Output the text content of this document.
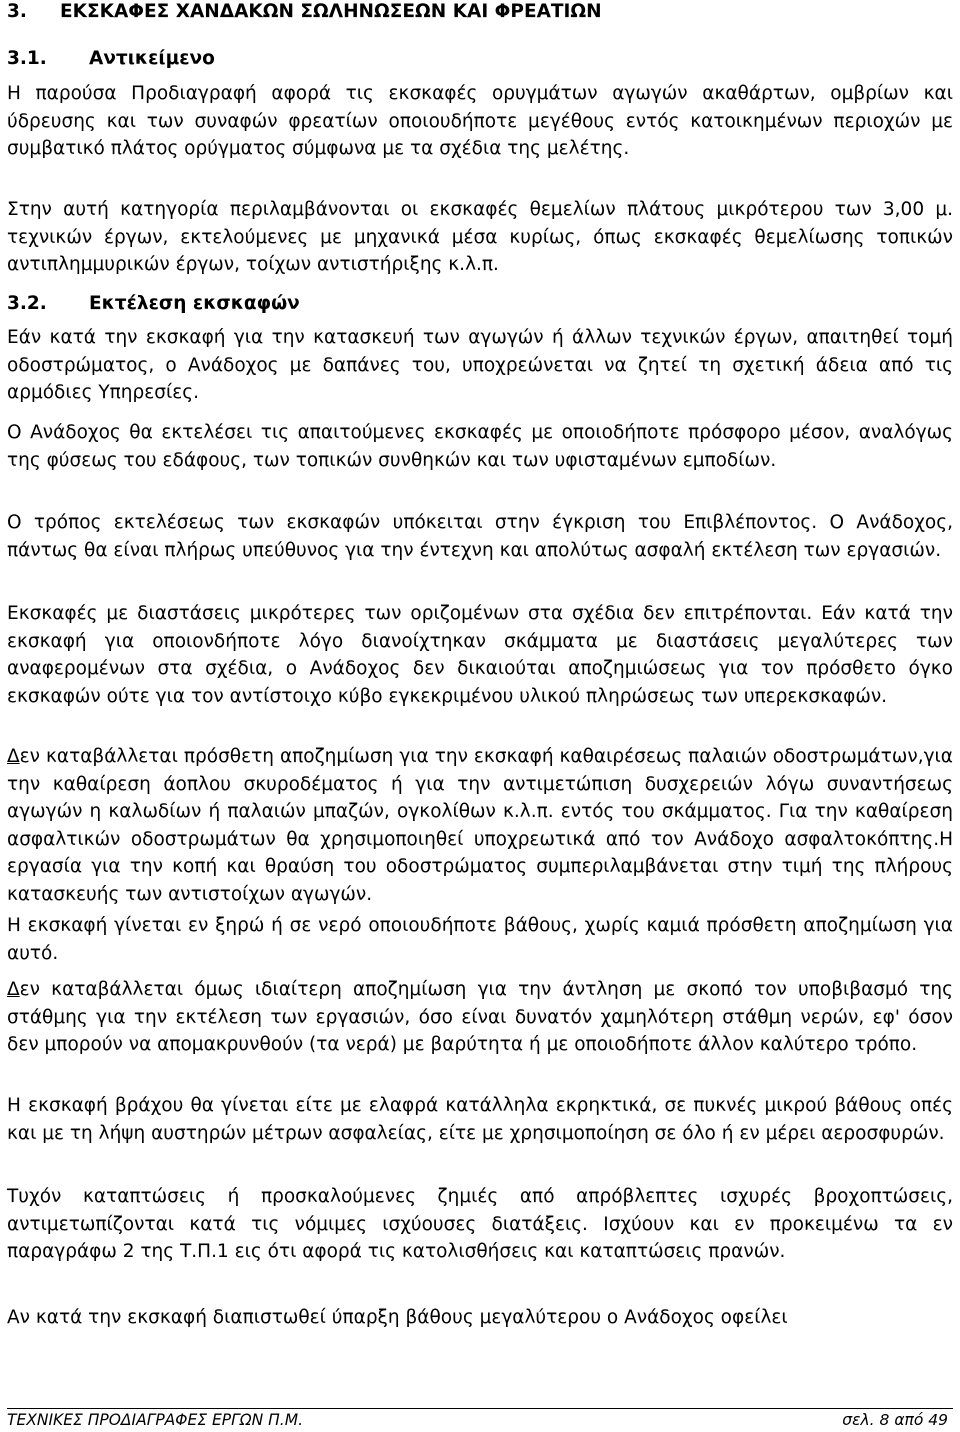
3. ΕΚΣΚΑΦΕΣ ΧΑΝΔΑΚΩΝ ΣΩΛΗΝΩΣΕΩΝ ΚΑΙ ΦΡΕΑΤΙΩΝ
3.1. Αντικείμενο

Η παρούσα Προδιαγραφή αφορά τις εκσκαφές ορυγμάτων αγωγών ακαθάρτων, ομβρίων και ύδρευσης και των συναφών φρεατίων οποιουδήποτε μεγέθους εντός κατοικημένων περιοχών με συμβατικό πλάτος ορύγματος σύμφωνα με τα σχέδια της μελέτης.

Στην αυτή κατηγορία περιλαμβάνονται οι εκσκαφές θεμελίων πλάτους μικρότερου των 3,00 μ. τεχνικών έργων, εκτελούμενες με μηχανικά μέσα κυρίως, όπως εκσκαφές θεμελίωσης τοπικών αντιπλημμυρικών έργων, τοίχων αντιστήριξης κ.λ.π.

3.2. Εκτέλεση εκσκαφών

Εάν κατά την εκσκαφή για την κατασκευή των αγωγών ή άλλων τεχνικών έργων, απαιτηθεί τομή οδοστρώματος, ο Ανάδοχος με δαπάνες του, υποχρεώνεται να ζητεί τη σχετική άδεια από τις αρμόδιες Υπηρεσίες.

Ο Ανάδοχος θα εκτελέσει τις απαιτούμενες εκσκαφές με οποιοδήποτε πρόσφορο μέσον, αναλόγως της φύσεως του εδάφους, των τοπικών συνθηκών και των υφισταμένων εμποδίων.

Ο τρόπος εκτελέσεως των εκσκαφών υπόκειται στην έγκριση του Επιβλέποντος. Ο Ανάδοχος, πάντως θα είναι πλήρως υπεύθυνος για την έντεχνη και απολύτως ασφαλή εκτέλεση των εργασιών.

Εκσκαφές με διαστάσεις μικρότερες των οριζομένων στα σχέδια δεν επιτρέπονται. Εάν κατά την εκσκαφή για οποιονδήποτε λόγο διανοίχτηκαν σκάμματα με διαστάσεις μεγαλύτερες των αναφερομένων στα σχέδια, ο Ανάδοχος δεν δικαιούται αποζημιώσεως για τον πρόσθετο όγκο εκσκαφών ούτε για τον αντίστοιχο κύβο εγκεκριμένου υλικού πληρώσεως των υπερεκσκαφών.

Δεν καταβάλλεται πρόσθετη αποζημίωση για την εκσκαφή καθαιρέσεως παλαιών οδοστρωμάτων,για την καθαίρεση άοπλου σκυροδέματος ή για την αντιμετώπιση δυσχερειών λόγω συναντήσεως αγωγών η καλωδίων ή παλαιών μπαζών, ογκολίθων κ.λ.π. εντός του σκάμματος. Για την καθαίρεση ασφαλτικών οδοστρωμάτων θα χρησιμοποιηθεί υποχρεωτικά από τον Ανάδοχο ασφαλτοκόπτης.Η εργασία για την κοπή και θραύση του οδοστρώματος συμπεριλαμβάνεται στην τιμή της πλήρους κατασκευής των αντιστοίχων αγωγών.

Η εκσκαφή γίνεται εν ξηρώ ή σε νερό οποιουδήποτε βάθους, χωρίς καμιά πρόσθετη αποζημίωση για αυτό.

Δεν καταβάλλεται όμως ιδιαίτερη αποζημίωση για την άντληση με σκοπό τον υποβιβασμό της στάθμης για την εκτέλεση των εργασιών, όσο είναι δυνατόν χαμηλότερη στάθμη νερών, εφ' όσον δεν μπορούν να απομακρυνθούν (τα νερά) με βαρύτητα ή με οποιοδήποτε άλλον καλύτερο τρόπο.

Η εκσκαφή βράχου θα γίνεται είτε με ελαφρά κατάλληλα εκρηκτικά, σε πυκνές μικρού βάθους οπές και με τη λήψη αυστηρών μέτρων ασφαλείας, είτε με χρησιμοποίηση σε όλο ή εν μέρει αεροσφυρών.

Τυχόν καταπτώσεις ή προσκαλούμενες ζημιές από απρόβλεπτες ισχυρές βροχοπτώσεις, αντιμετωπίζονται κατά τις νόμιμες ισχύουσες διατάξεις. Ισχύουν και εν προκειμένω τα εν παραγράφω 2 της Τ.Π.1 εις ότι αφορά τις κατολισθήσεις και καταπτώσεις πρανών.

Αν κατά την εκσκαφή διαπιστωθεί ύπαρξη βάθους μεγαλύτερου ο Ανάδοχος οφείλει

ΤΕΧΝΙΚΕΣ ΠΡΟΔΙΑΓΡΑΦΕΣ ΕΡΓΩΝ Π.Μ.	σελ. 8 από 49
